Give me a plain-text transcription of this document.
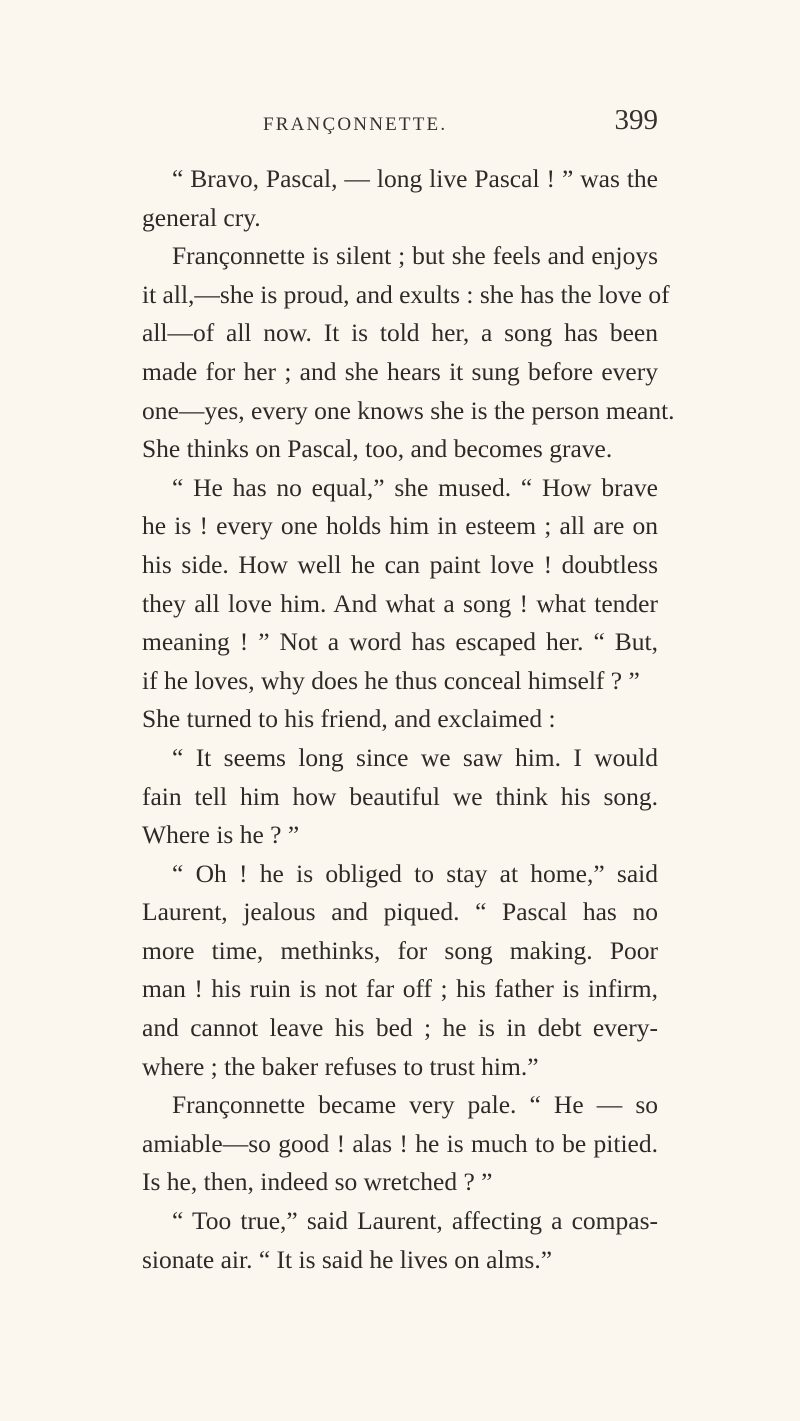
FRANÇONNETTE.	399
“ Bravo, Pascal, — long live Pascal ! ” was the
general cry.
Françonnette is silent ; but she feels and enjoys
it all,—she is proud, and exults : she has the love of
all—of all now. It is told her, a song has been
made for her ; and she hears it sung before every
one—yes, every one knows she is the person meant.
She thinks on Pascal, too, and becomes grave.
“ He has no equal,” she mused. “ How brave
he is ! every one holds him in esteem ; all are on
his side. How well he can paint love ! doubtless
they all love him. And what a song ! what tender
meaning ! ” Not a word has escaped her. “ But,
if he loves, why does he thus conceal himself ? ”
She turned to his friend, and exclaimed :
“ It seems long since we saw him. I would
fain tell him how beautiful we think his song.
Where is he ? ”
“ Oh ! he is obliged to stay at home,” said
Laurent, jealous and piqued. “ Pascal has no
more time, methinks, for song making. Poor
man ! his ruin is not far off ; his father is infirm,
and cannot leave his bed ; he is in debt every-
where ; the baker refuses to trust him.”
Françonnette became very pale. “ He — so
amiable—so good ! alas ! he is much to be pitied.
Is he, then, indeed so wretched ? ”
“ Too true,” said Laurent, affecting a compas-
sionate air. “ It is said he lives on alms.”
